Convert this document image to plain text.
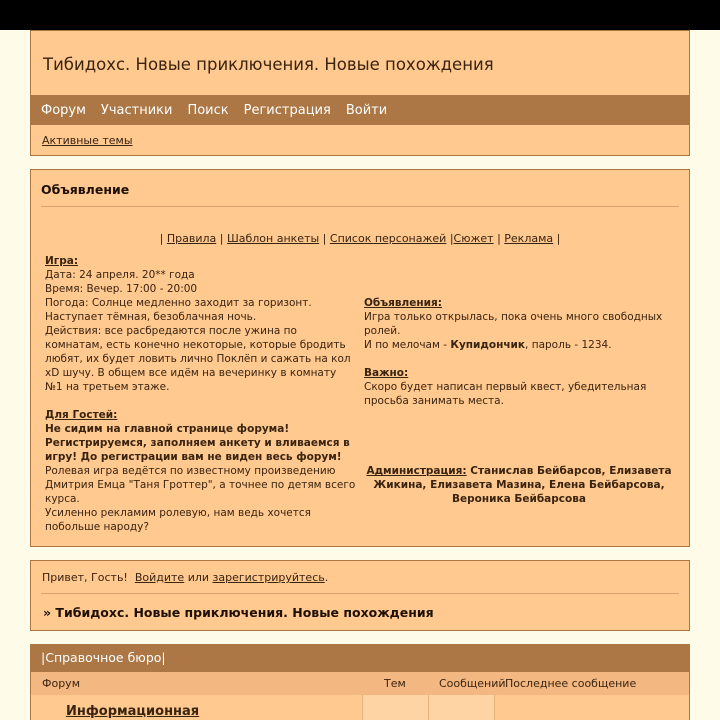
Тибидохс. Новые приключения. Новые похождения
Форум Участники Поиск Регистрация Войти
Активные темы
Объявление
| Правила | Шаблон анкеты | Список персонажей |Сюжет | Реклама |
Игра:
Дата: 24 апреля. 20** года
Время: Вечер. 17:00 - 20:00
Погода: Солнце медленно заходит за горизонт. Наступает тёмная, безоблачная ночь.
Действия: все расбредаются после ужина по комнатам, есть конечно некоторые, которые бродить любят, их будет ловить лично Поклёп и сажать на кол xD шучу. В общем все идём на вечеринку в комнату №1 на третьем этаже.
Для Гостей:
Не сидим на главной странице форума! Регистрируемся, заполняем анкету и вливаемся в игру! До регистрации вам не виден весь форум!
Ролевая игра ведётся по известному произведению Дмитрия Емца "Таня Гроттер", а точнее по детям всего курса.
Усиленно рекламим ролевую, нам ведь хочется побольше народу?
Объявления:
Игра только открылась, пока очень много свободных ролей.
И по мелочам - Купидончик, пароль - 1234.
Важно:
Скоро будет написан первый квест, убедительная просьба занимать места.
Администрация: Станислав Бейбарсов, Елизавета Жикина, Елизавета Мазина, Елена Бейбарсова, Вероника Бейбарсова
Привет, Гость! Войдите или зарегистрируйтесь.
» Тибидохс. Новые приключения. Новые похождения
|Справочное бюро|
Форум	Тем	Сообщений Последнее сообщение
Информационная
